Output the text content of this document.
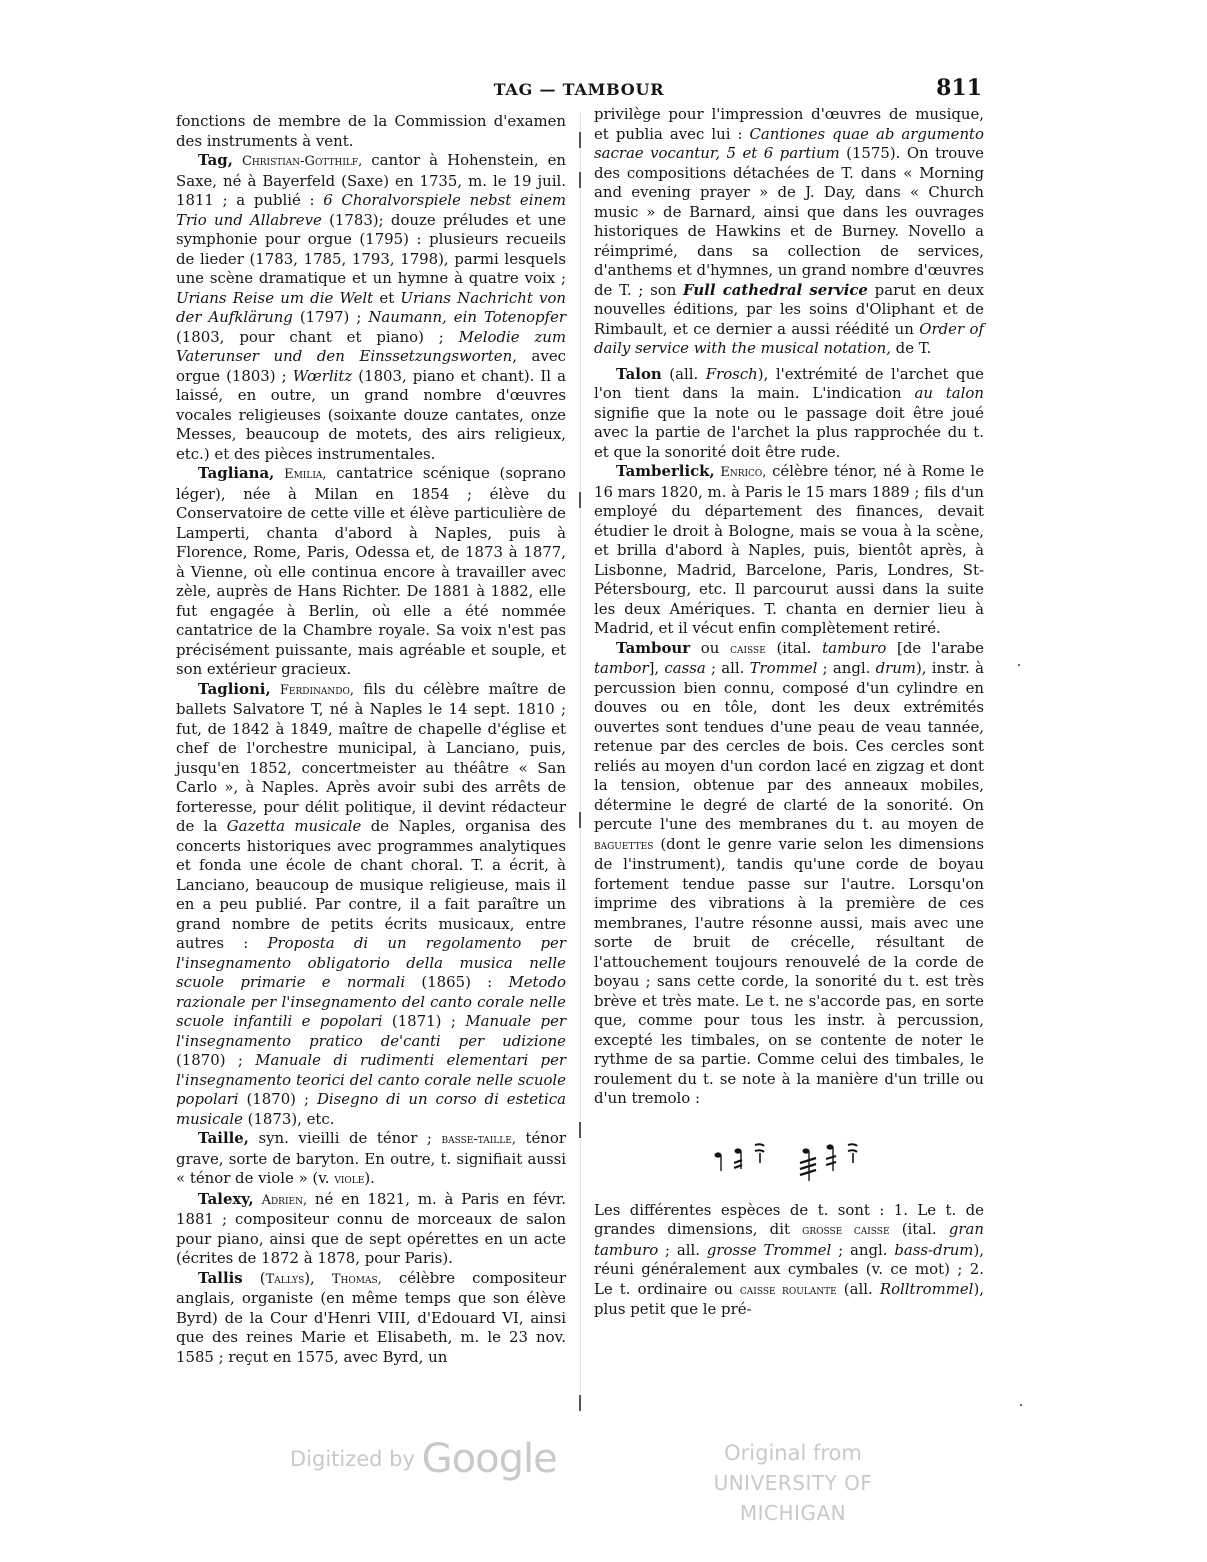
TAG — TAMBOUR	811

fonctions de membre de la Commission d'examen des instruments à vent.

Tag, Christian-Gotthilf, cantor à Hohenstein, en Saxe, né à Bayerfeld (Saxe) en 1735, m. le 19 juil. 1811 ; a publié : 6 Choralvorspiele nebst einem Trio und Allabreve (1783); douze préludes et une symphonie pour orgue (1795) : plusieurs recueils de lieder (1783, 1785, 1793, 1798), parmi lesquels une scène dramatique et un hymne à quatre voix ; Urians Reise um die Welt et Urians Nachricht von der Aufklärung (1797) ; Naumann, ein Totenopfer (1803, pour chant et piano) ; Melodie zum Vaterunser und den Einssetzungsworten, avec orgue (1803) ; Wœrlitz (1803, piano et chant). Il a laissé, en outre, un grand nombre d'œuvres vocales religieuses (soixante douze cantates, onze Messes, beaucoup de motets, des airs religieux, etc.) et des pièces instrumentales.

Tagliana, Emilia, cantatrice scénique (soprano léger), née à Milan en 1854 ; élève du Conservatoire de cette ville et élève particulière de Lamperti, chanta d'abord à Naples, puis à Florence, Rome, Paris, Odessa et, de 1873 à 1877, à Vienne, où elle continua encore à travailler avec zèle, auprès de Hans Richter. De 1881 à 1882, elle fut engagée à Berlin, où elle a été nommée cantatrice de la Chambre royale. Sa voix n'est pas précisément puissante, mais agréable et souple, et son extérieur gracieux.

Taglioni, Ferdinando, fils du célèbre maître de ballets Salvatore T, né à Naples le 14 sept. 1810 ; fut, de 1842 à 1849, maître de chapelle d'église et chef de l'orchestre municipal, à Lanciano, puis, jusqu'en 1852, concertmeister au théâtre « San Carlo », à Naples. Après avoir subi des arrêts de forteresse, pour délit politique, il devint rédacteur de la Gazetta musicale de Naples, organisa des concerts historiques avec programmes analytiques et fonda une école de chant choral. T. a écrit, à Lanciano, beaucoup de musique religieuse, mais il en a peu publié. Par contre, il a fait paraître un grand nombre de petits écrits musicaux, entre autres : Proposta di un regolamento per l'insegnamento obligatorio della musica nelle scuole primarie e normali (1865) : Metodo razionale per l'insegnamento del canto corale nelle scuole infantili e popolari (1871) ; Manuale per l'insegnamento pratico de'canti per udizione (1870) ; Manuale di rudimenti elementari per l'insegnamento teorici del canto corale nelle scuole popolari (1870) ; Disegno di un corso di estetica musicale (1873), etc.

Taille, syn. vieilli de ténor ; basse-taille, ténor grave, sorte de baryton. En outre, t. signifiait aussi « ténor de viole » (v. viole).

Talexy, Adrien, né en 1821, m. à Paris en févr. 1881 ; compositeur connu de morceaux de salon pour piano, ainsi que de sept opérettes en un acte (écrites de 1872 à 1878, pour Paris).

Tallis (Tallys), Thomas, célèbre compositeur anglais, organiste (en même temps que son élève Byrd) de la Cour d'Henri VIII, d'Edouard VI, ainsi que des reines Marie et Elisabeth, m. le 23 nov. 1585 ; reçut en 1575, avec Byrd, un

privilège pour l'impression d'œuvres de musique, et publia avec lui : Cantiones quae ab argumento sacrae vocantur, 5 et 6 partium (1575). On trouve des compositions détachées de T. dans « Morning and evening prayer » de J. Day, dans « Church music » de Barnard, ainsi que dans les ouvrages historiques de Hawkins et de Burney. Novello a réimprimé, dans sa collection de services, d'anthems et d'hymnes, un grand nombre d'œuvres de T. ; son Full cathedral service parut en deux nouvelles éditions, par les soins d'Oliphant et de Rimbault, et ce dernier a aussi réédité un Order of daily service with the musical notation, de T.

Talon (all. Frosch), l'extrémité de l'archet que l'on tient dans la main. L'indication au talon signifie que la note ou le passage doit être joué avec la partie de l'archet la plus rapprochée du t. et que la sonorité doit être rude.

Tamberlick, Enrico, célèbre ténor, né à Rome le 16 mars 1820, m. à Paris le 15 mars 1889 ; fils d'un employé du département des finances, devait étudier le droit à Bologne, mais se voua à la scène, et brilla d'abord à Naples, puis, bientôt après, à Lisbonne, Madrid, Barcelone, Paris, Londres, St-Pétersbourg, etc. Il parcourut aussi dans la suite les deux Amériques. T. chanta en dernier lieu à Madrid, et il vécut enfin complètement retiré.

Tambour ou caisse (ital. tamburo [de l'arabe tambor], cassa ; all. Trommel ; angl. drum), instr. à percussion bien connu, composé d'un cylindre en douves ou en tôle, dont les deux extrémités ouvertes sont tendues d'une peau de veau tannée, retenue par des cercles de bois. Ces cercles sont reliés au moyen d'un cordon lacé en zigzag et dont la tension, obtenue par des anneaux mobiles, détermine le degré de clarté de la sonorité. On percute l'une des membranes du t. au moyen de baguettes (dont le genre varie selon les dimensions de l'instrument), tandis qu'une corde de boyau fortement tendue passe sur l'autre. Lorsqu'on imprime des vibrations à la première de ces membranes, l'autre résonne aussi, mais avec une sorte de bruit de crécelle, résultant de l'attouchement toujours renouvelé de la corde de boyau ; sans cette corde, la sonorité du t. est très brève et très mate. Le t. ne s'accorde pas, en sorte que, comme pour tous les instr. à percussion, excepté les timbales, on se contente de noter le rythme de sa partie. Comme celui des timbales, le roulement du t. se note à la manière d'un trille ou d'un tremolo :

Les différentes espèces de t. sont : 1. Le t. de grandes dimensions, dit grosse caisse (ital. gran tamburo ; all. grosse Trommel ; angl. bass-drum), réuni généralement aux cymbales (v. ce mot) ; 2. Le t. ordinaire ou caisse roulante (all. Rolltrommel), plus petit que le pré-

Digitized by Google	Original from
UNIVERSITY OF MICHIGAN
